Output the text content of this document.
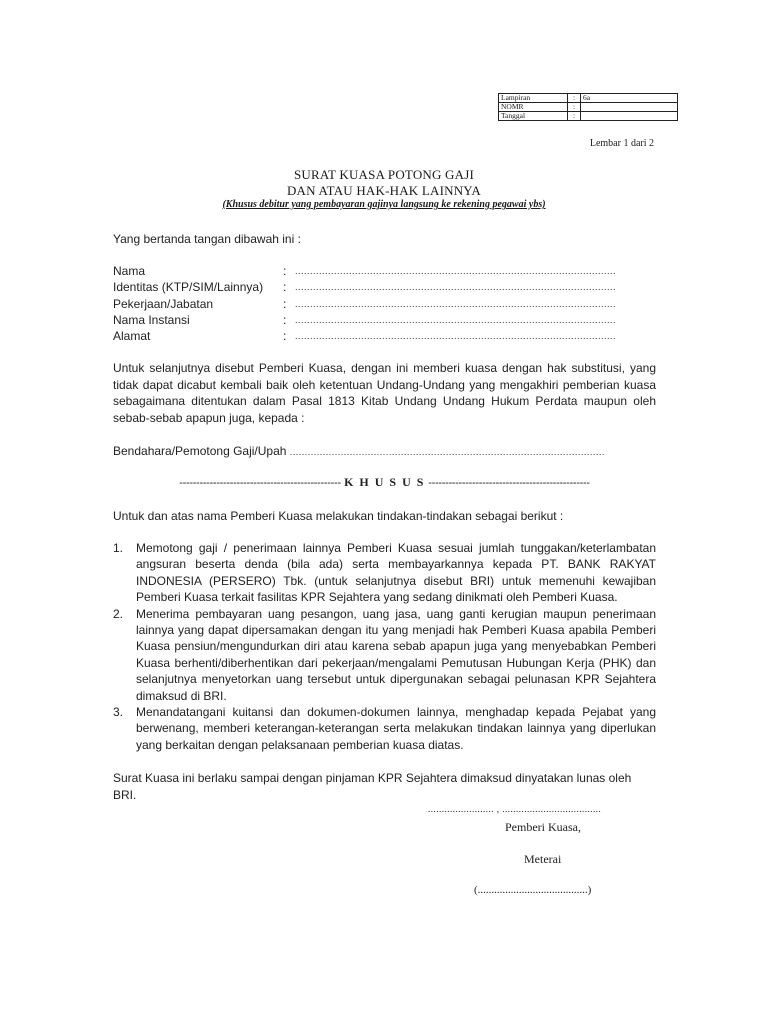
Lampiran	:	6a
NOMR	:	
Tanggal	:	
Lembar 1 dari 2
SURAT KUASA POTONG GAJI
DAN ATAU HAK-HAK LAINNYA
(Khusus debitur yang pembayaran gajinya langsung ke rekening pegawai ybs)
Yang bertanda tangan dibawah ini :
Nama	: ...........................................................................................................
Identitas (KTP/SIM/Lainnya)	: ...........................................................................................................
Pekerjaan/Jabatan	: ...........................................................................................................
Nama Instansi	: ...........................................................................................................
Alamat	: ...........................................................................................................
Untuk selanjutnya disebut Pemberi Kuasa, dengan ini memberi kuasa dengan hak substitusi, yang tidak dapat dicabut kembali baik oleh ketentuan Undang-Undang yang mengakhiri pemberian kuasa sebagaimana ditentukan dalam Pasal 1813 Kitab Undang Undang Hukum Perdata maupun oleh sebab-sebab apapun juga, kepada :
Bendahara/Pemotong Gaji/Upah .........................................................................................................
------------------------------------------------ K H U S U S ------------------------------------------------
Untuk dan atas nama Pemberi Kuasa melakukan tindakan-tindakan sebagai berikut :
1.	Memotong gaji / penerimaan lainnya Pemberi Kuasa sesuai jumlah tunggakan/keterlambatan angsuran beserta denda (bila ada) serta membayarkannya kepada PT. BANK RAKYAT INDONESIA (PERSERO) Tbk. (untuk selanjutnya disebut BRI) untuk memenuhi kewajiban Pemberi Kuasa terkait fasilitas KPR Sejahtera yang sedang dinikmati oleh Pemberi Kuasa.
2.	Menerima pembayaran uang pesangon, uang jasa, uang ganti kerugian maupun penerimaan lainnya yang dapat dipersamakan dengan itu yang menjadi hak Pemberi Kuasa apabila Pemberi Kuasa pensiun/mengundurkan diri atau karena sebab apapun juga yang menyebabkan Pemberi Kuasa berhenti/diberhentikan dari pekerjaan/mengalami Pemutusan Hubungan Kerja (PHK) dan selanjutnya menyetorkan uang tersebut untuk dipergunakan sebagai pelunasan KPR Sejahtera dimaksud di BRI.
3.	Menandatangani kuitansi dan dokumen-dokumen lainnya, menghadap kepada Pejabat yang berwenang, memberi keterangan-keterangan serta melakukan tindakan lainnya yang diperlukan yang berkaitan dengan pelaksanaan pemberian kuasa diatas.
Surat Kuasa ini berlaku sampai dengan pinjaman KPR Sejahtera dimaksud dinyatakan lunas oleh BRI.
........................ , ....................................
Pemberi Kuasa,
Meterai
(........................................)
